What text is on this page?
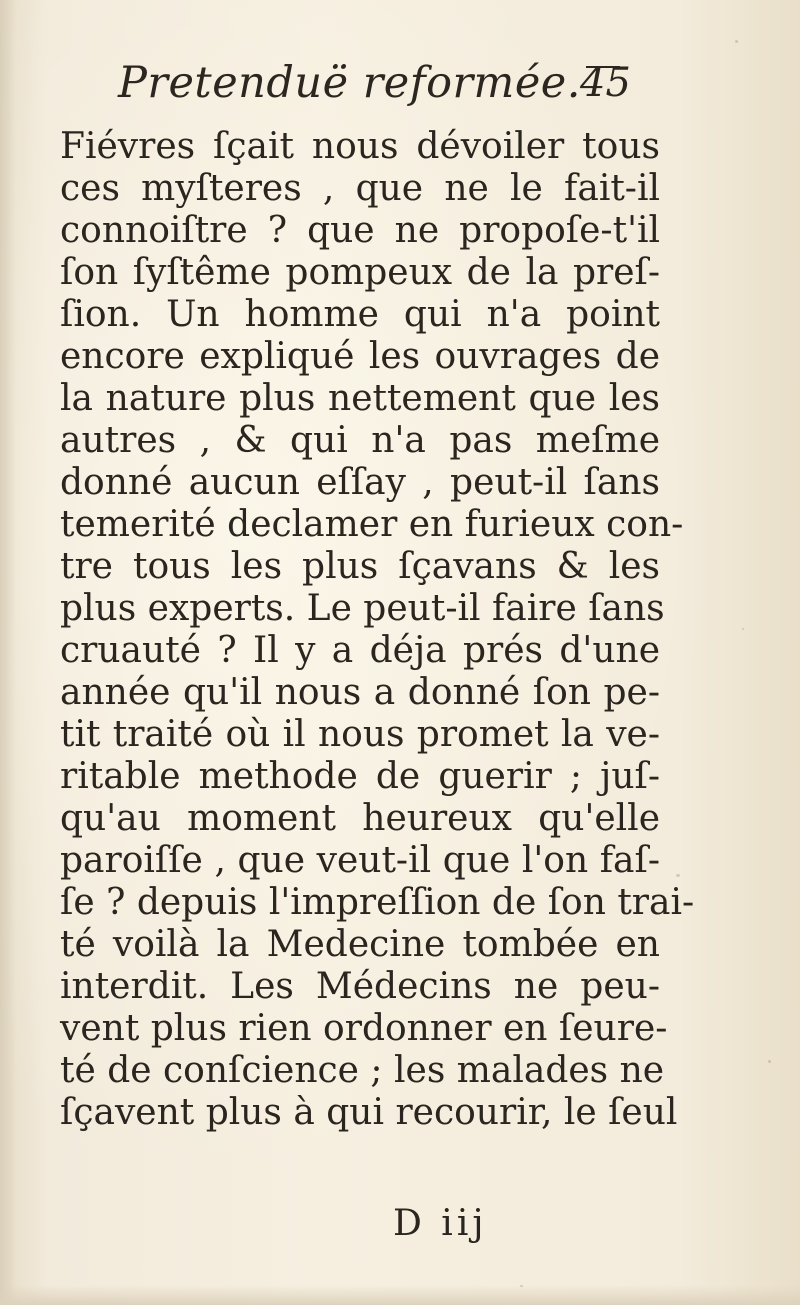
Pretenduë reformée. 45
Fiévres ſçait nous dévoiler tous
ces myſteres , que ne le fait-il
connoiſtre ? que ne propoſe-t'il
ſon ſyſtême pompeux de la preſ-
ſion. Un homme qui n'a point
encore expliqué les ouvrages de
la nature plus nettement que les
autres , & qui n'a pas meſme
donné aucun eſſay , peut-il ſans
temerité declamer en furieux con-
tre tous les plus ſçavans & les
plus experts. Le peut-il faire ſans
cruauté ? Il y a déja prés d'une
année qu'il nous a donné ſon pe-
tit traité où il nous promet la ve-
ritable methode de guerir ; juſ-
qu'au moment heureux qu'elle
paroiſſe , que veut-il que l'on faſ-
ſe ? depuis l'impreſſion de ſon trai-
té voilà la Medecine tombée en
interdit. Les Médecins ne peu-
vent plus rien ordonner en ſeure-
té de conſcience ; les malades ne
ſçavent plus à qui recourir, le ſeul
D iij
